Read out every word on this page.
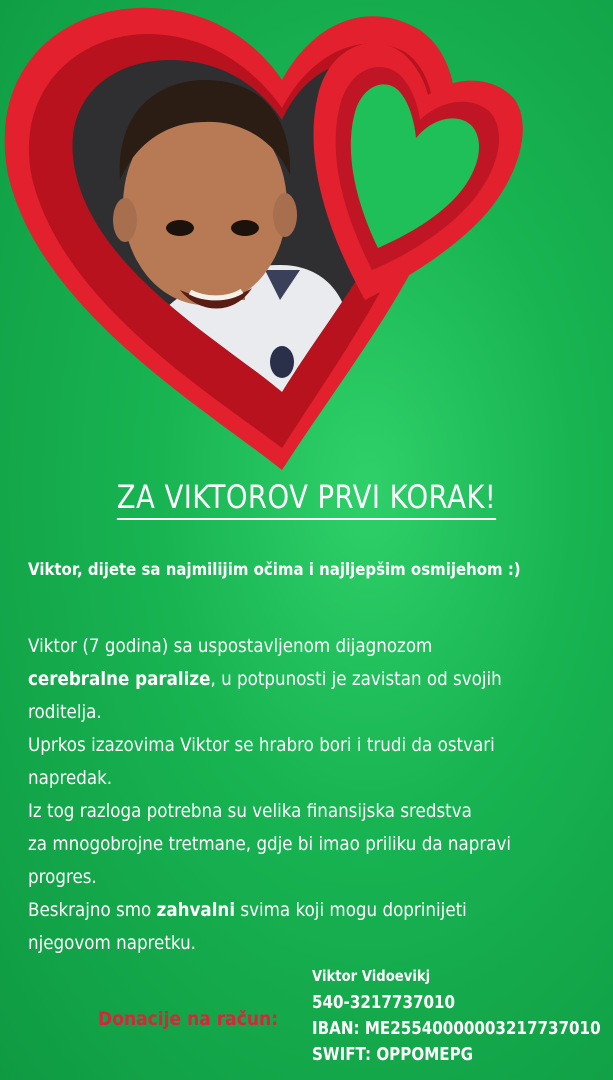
ZA VIKTOROV PRVI KORAK!
Viktor, dijete sa najmilijim očima i najljepšim osmijehom :)
Viktor (7 godina) sa uspostavljenom dijagnozom
cerebralne paralize, u potpunosti je zavistan od svojih
roditelja.
Uprkos izazovima Viktor se hrabro bori i trudi da ostvari
napredak.
Iz tog razloga potrebna su velika finansijska sredstva
za mnogobrojne tretmane, gdje bi imao priliku da napravi
progres.
Beskrajno smo zahvalni svima koji mogu doprinijeti
njegovom napretku.
Donacije na račun:
Viktor Vidoevikj
540-3217737010
IBAN: ME25540000003217737010
SWIFT: OPPOMEPG
